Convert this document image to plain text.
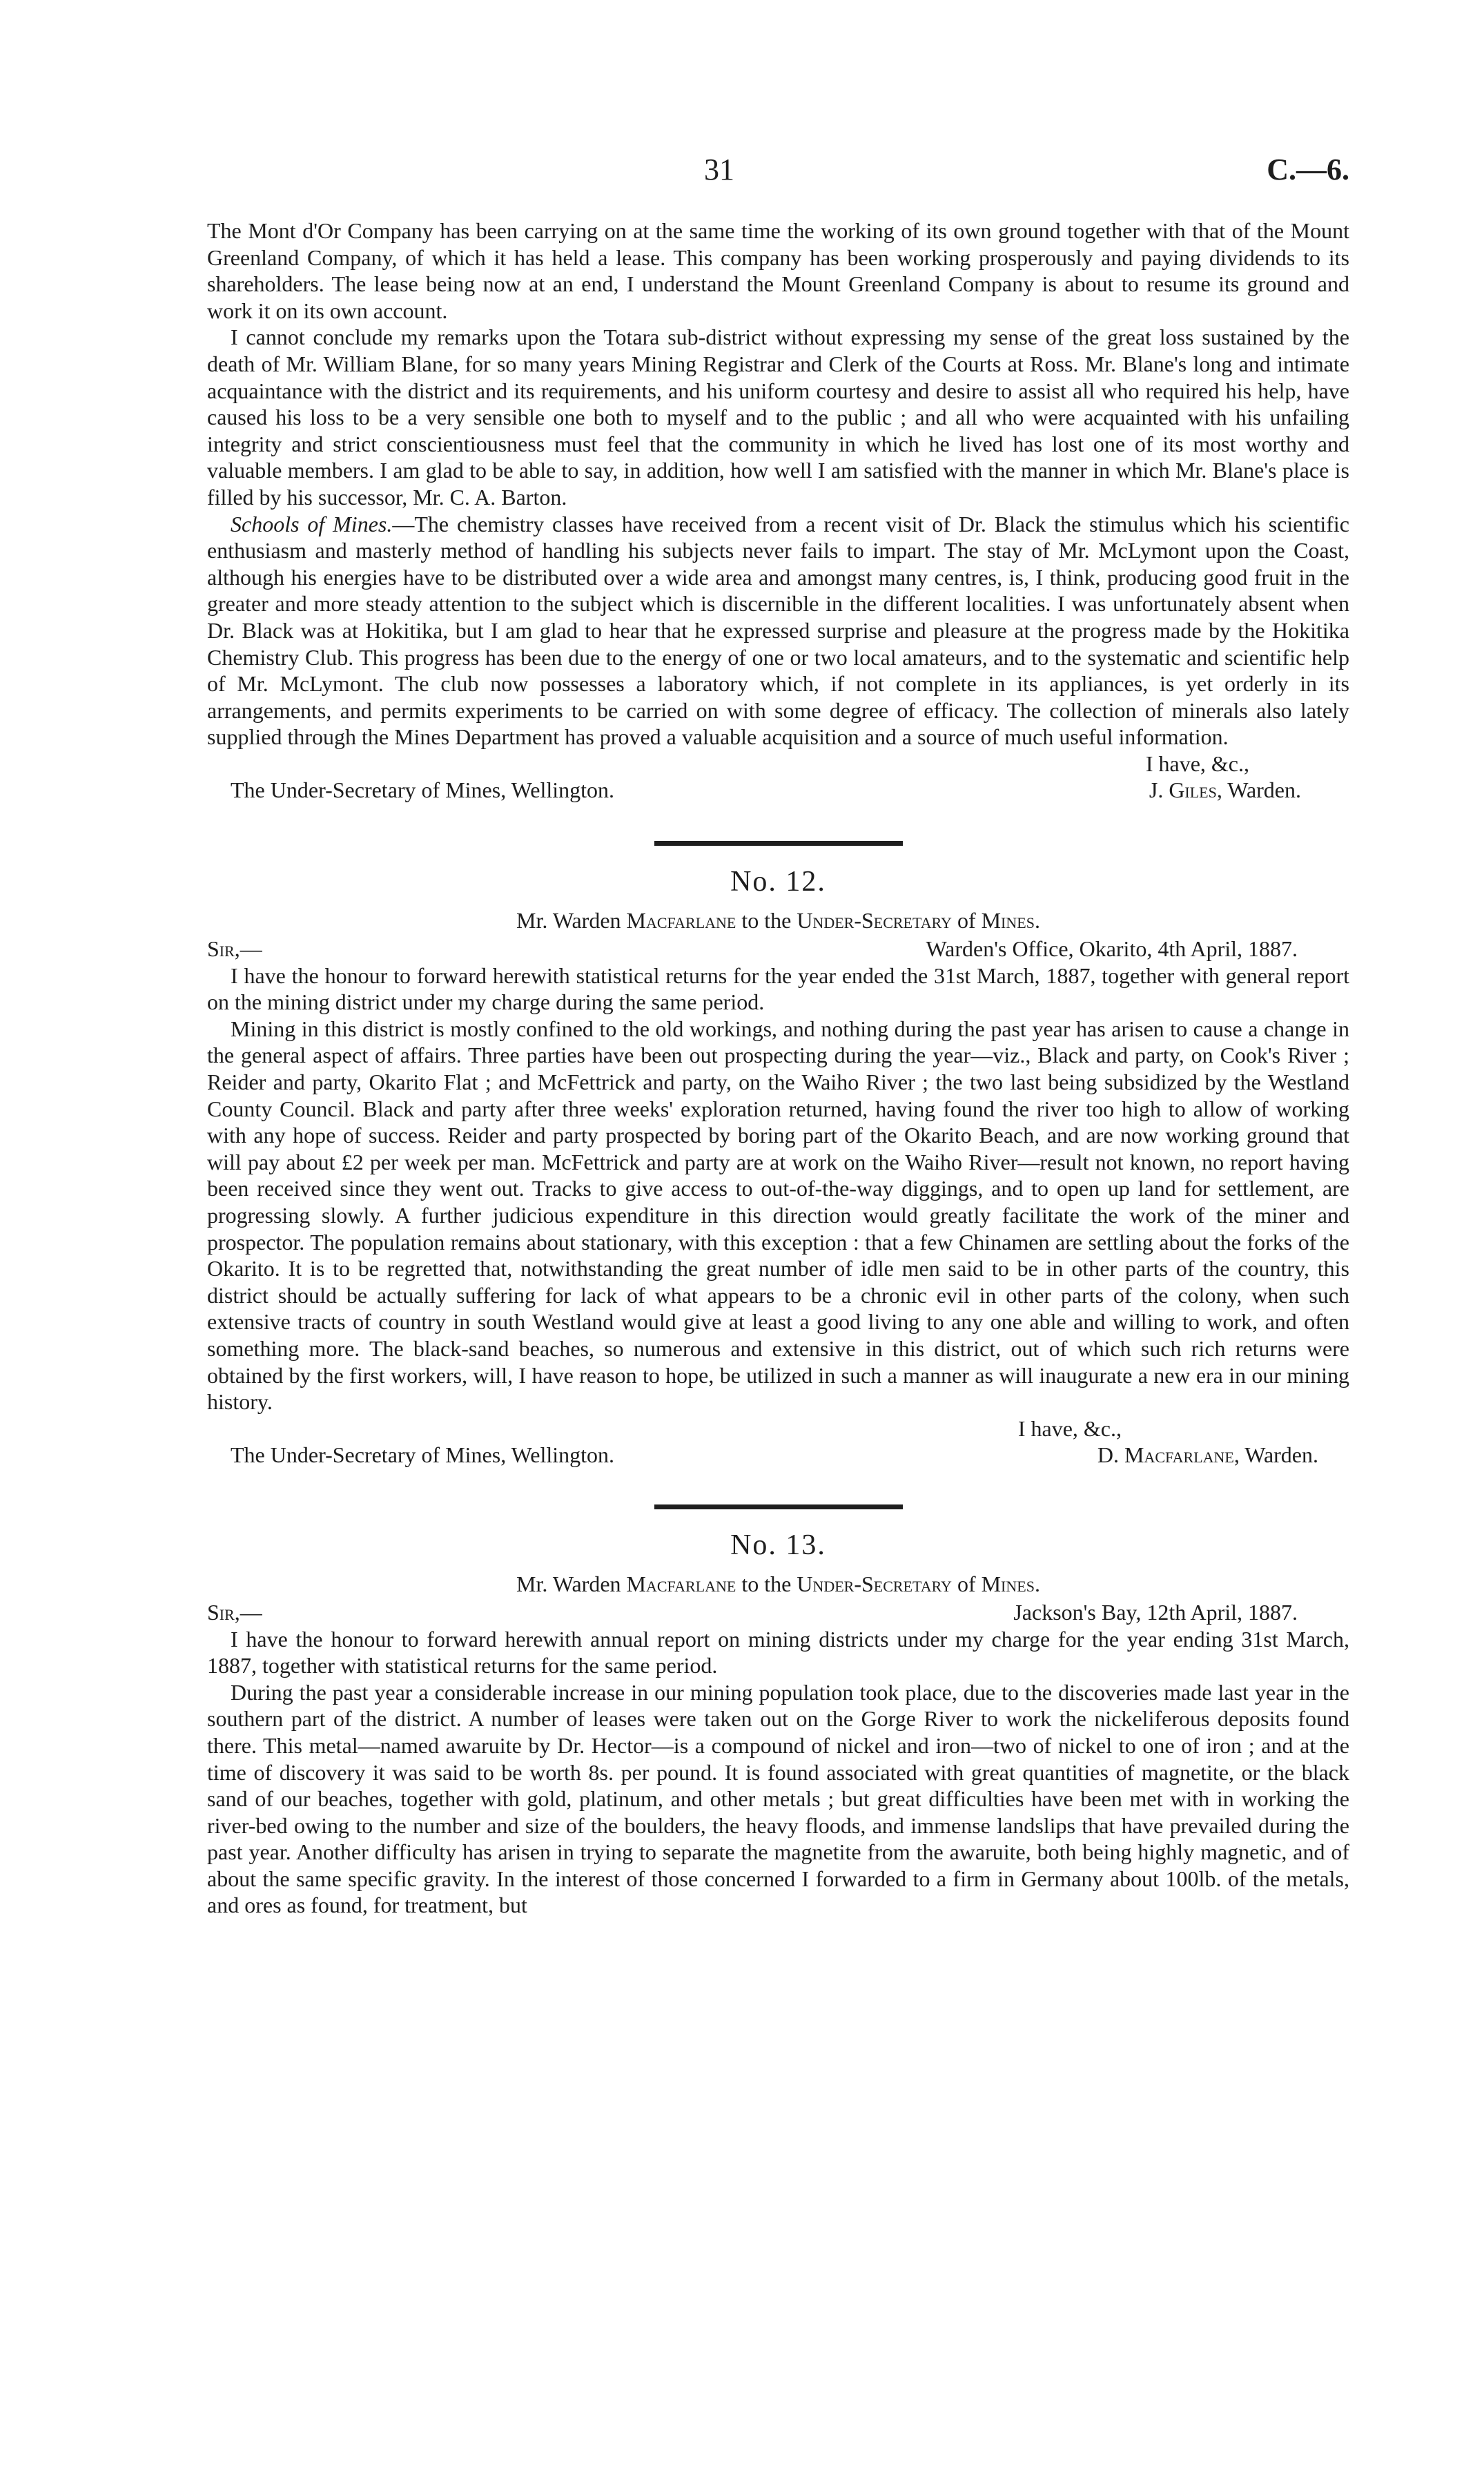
31	C.—6.

The Mont d'Or Company has been carrying on at the same time the working of its own ground together with that of the Mount Greenland Company, of which it has held a lease. This company has been working prosperously and paying dividends to its shareholders. The lease being now at an end, I understand the Mount Greenland Company is about to resume its ground and work it on its own account.

I cannot conclude my remarks upon the Totara sub-district without expressing my sense of the great loss sustained by the death of Mr. William Blane, for so many years Mining Registrar and Clerk of the Courts at Ross. Mr. Blane's long and intimate acquaintance with the district and its requirements, and his uniform courtesy and desire to assist all who required his help, have caused his loss to be a very sensible one both to myself and to the public ; and all who were acquainted with his unfailing integrity and strict conscientiousness must feel that the community in which he lived has lost one of its most worthy and valuable members. I am glad to be able to say, in addition, how well I am satisfied with the manner in which Mr. Blane's place is filled by his successor, Mr. C. A. Barton.

Schools of Mines.—The chemistry classes have received from a recent visit of Dr. Black the stimulus which his scientific enthusiasm and masterly method of handling his subjects never fails to impart. The stay of Mr. McLymont upon the Coast, although his energies have to be distributed over a wide area and amongst many centres, is, I think, producing good fruit in the greater and more steady attention to the subject which is discernible in the different localities. I was unfortunately absent when Dr. Black was at Hokitika, but I am glad to hear that he expressed surprise and pleasure at the progress made by the Hokitika Chemistry Club. This progress has been due to the energy of one or two local amateurs, and to the systematic and scientific help of Mr. McLymont. The club now possesses a laboratory which, if not complete in its appliances, is yet orderly in its arrangements, and permits experiments to be carried on with some degree of efficacy. The collection of minerals also lately supplied through the Mines Department has proved a valuable acquisition and a source of much useful information.

I have, &c.,
The Under-Secretary of Mines, Wellington.	J. Giles, Warden.
No. 12.
Mr. Warden Macfarlane to the Under-Secretary of Mines.
Sir,—	Warden's Office, Okarito, 4th April, 1887.

I have the honour to forward herewith statistical returns for the year ended the 31st March, 1887, together with general report on the mining district under my charge during the same period.

Mining in this district is mostly confined to the old workings, and nothing during the past year has arisen to cause a change in the general aspect of affairs. Three parties have been out prospecting during the year—viz., Black and party, on Cook's River ; Reider and party, Okarito Flat ; and McFettrick and party, on the Waiho River ; the two last being subsidized by the Westland County Council. Black and party after three weeks' exploration returned, having found the river too high to allow of working with any hope of success. Reider and party prospected by boring part of the Okarito Beach, and are now working ground that will pay about £2 per week per man. McFettrick and party are at work on the Waiho River—result not known, no report having been received since they went out. Tracks to give access to out-of-the-way diggings, and to open up land for settlement, are progressing slowly. A further judicious expenditure in this direction would greatly facilitate the work of the miner and prospector. The population remains about stationary, with this exception : that a few Chinamen are settling about the forks of the Okarito. It is to be regretted that, notwithstanding the great number of idle men said to be in other parts of the country, this district should be actually suffering for lack of what appears to be a chronic evil in other parts of the colony, when such extensive tracts of country in south Westland would give at least a good living to any one able and willing to work, and often something more. The black-sand beaches, so numerous and extensive in this district, out of which such rich returns were obtained by the first workers, will, I have reason to hope, be utilized in such a manner as will inaugurate a new era in our mining history.

I have, &c.,
The Under-Secretary of Mines, Wellington.	D. Macfarlane, Warden.
No. 13.
Mr. Warden Macfarlane to the Under-Secretary of Mines.
Sir,—	Jackson's Bay, 12th April, 1887.

I have the honour to forward herewith annual report on mining districts under my charge for the year ending 31st March, 1887, together with statistical returns for the same period.

During the past year a considerable increase in our mining population took place, due to the discoveries made last year in the southern part of the district. A number of leases were taken out on the Gorge River to work the nickeliferous deposits found there. This metal—named awaruite by Dr. Hector—is a compound of nickel and iron—two of nickel to one of iron ; and at the time of discovery it was said to be worth 8s. per pound. It is found associated with great quantities of magnetite, or the black sand of our beaches, together with gold, platinum, and other metals ; but great difficulties have been met with in working the river-bed owing to the number and size of the boulders, the heavy floods, and immense landslips that have prevailed during the past year. Another difficulty has arisen in trying to separate the magnetite from the awaruite, both being highly magnetic, and of about the same specific gravity. In the interest of those concerned I forwarded to a firm in Germany about 100lb. of the metals, and ores as found, for treatment, but
